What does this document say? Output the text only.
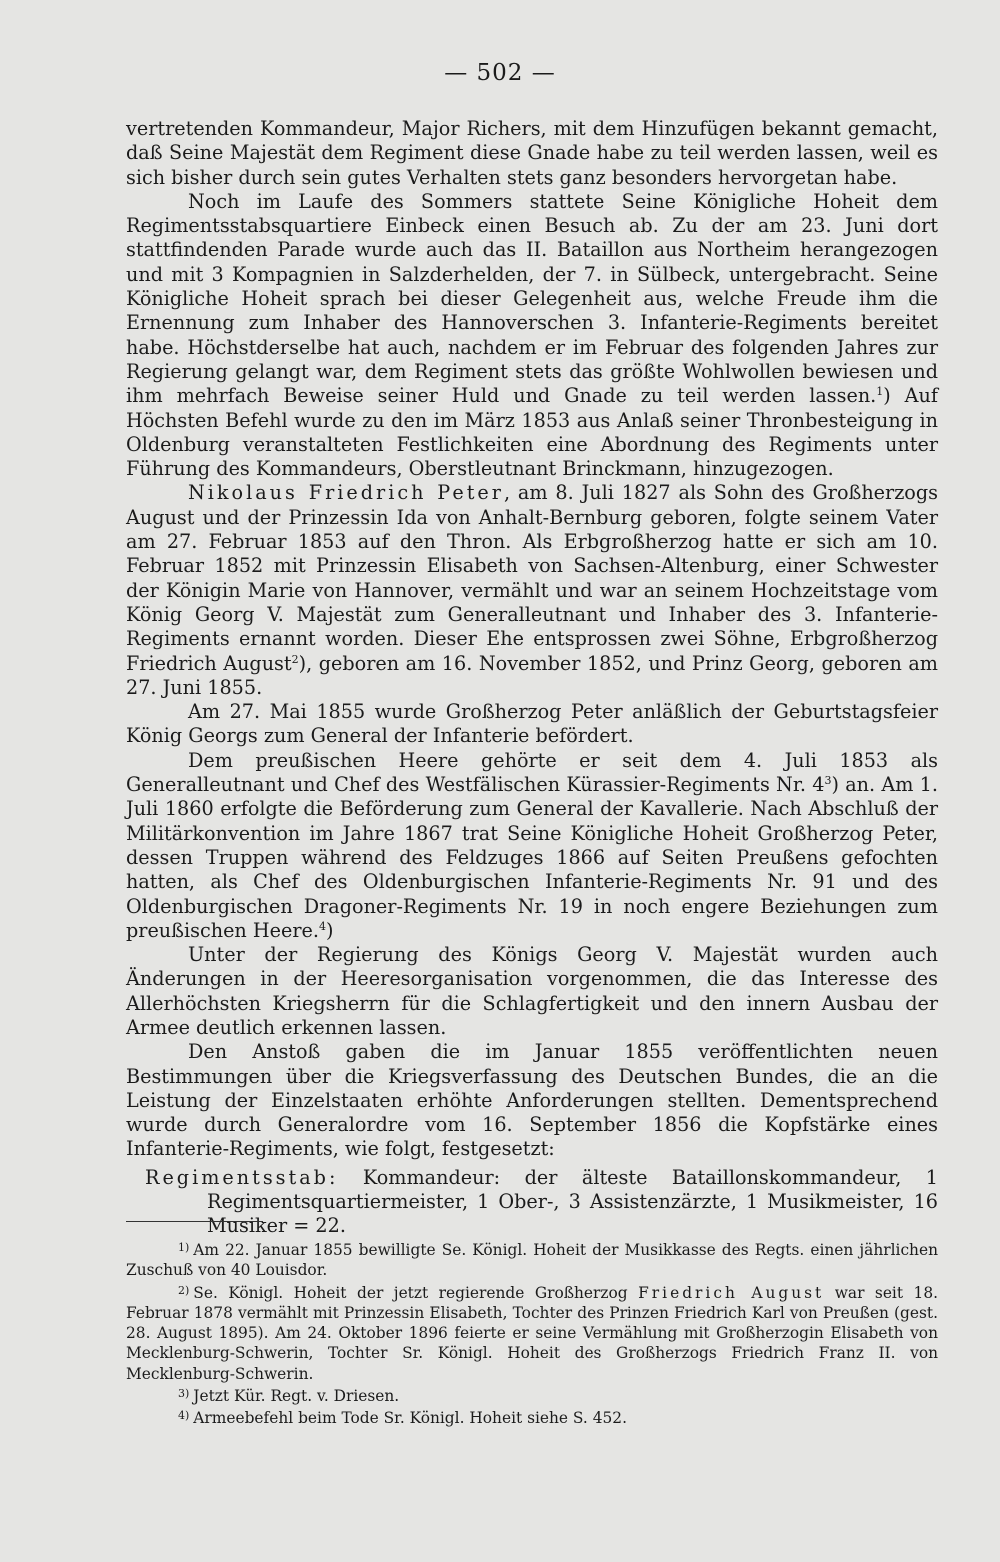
— 502 —

vertretenden Kommandeur, Major Richers, mit dem Hinzufügen bekannt gemacht, daß Seine Majestät dem Regiment diese Gnade habe zu teil werden lassen, weil es sich bisher durch sein gutes Verhalten stets ganz besonders hervorgetan habe.

Noch im Laufe des Sommers stattete Seine Königliche Hoheit dem Regimentsstabsquartiere Einbeck einen Besuch ab. Zu der am 23. Juni dort stattfindenden Parade wurde auch das II. Bataillon aus Northeim herangezogen und mit 3 Kompagnien in Salzderhelden, der 7. in Sülbeck, untergebracht. Seine Königliche Hoheit sprach bei dieser Gelegenheit aus, welche Freude ihm die Ernennung zum Inhaber des Hannoverschen 3. Infanterie-Regiments bereitet habe. Höchstderselbe hat auch, nachdem er im Februar des folgenden Jahres zur Regierung gelangt war, dem Regiment stets das größte Wohlwollen bewiesen und ihm mehrfach Beweise seiner Huld und Gnade zu teil werden lassen.$^1$) Auf Höchsten Befehl wurde zu den im März 1853 aus Anlaß seiner Thronbesteigung in Oldenburg veranstalteten Festlichkeiten eine Abordnung des Regiments unter Führung des Kommandeurs, Oberstleutnant Brinckmann, hinzugezogen.

Nikolaus Friedrich Peter, am 8. Juli 1827 als Sohn des Großherzogs August und der Prinzessin Ida von Anhalt-Bernburg geboren, folgte seinem Vater am 27. Februar 1853 auf den Thron. Als Erbgroßherzog hatte er sich am 10. Februar 1852 mit Prinzessin Elisabeth von Sachsen-Altenburg, einer Schwester der Königin Marie von Hannover, vermählt und war an seinem Hochzeitstage vom König Georg V. Majestät zum Generalleutnant und Inhaber des 3. Infanterie-Regiments ernannt worden. Dieser Ehe entsprossen zwei Söhne, Erbgroßherzog Friedrich August$^2$), geboren am 16. November 1852, und Prinz Georg, geboren am 27. Juni 1855.

Am 27. Mai 1855 wurde Großherzog Peter anläßlich der Geburtstagsfeier König Georgs zum General der Infanterie befördert.

Dem preußischen Heere gehörte er seit dem 4. Juli 1853 als Generalleutnant und Chef des Westfälischen Kürassier-Regiments Nr. $4^3$) an. Am 1. Juli 1860 erfolgte die Beförderung zum General der Kavallerie. Nach Abschluß der Militärkonvention im Jahre 1867 trat Seine Königliche Hoheit Großherzog Peter, dessen Truppen während des Feldzuges 1866 auf Seiten Preußens gefochten hatten, als Chef des Oldenburgischen Infanterie-Regiments Nr. 91 und des Oldenburgischen Dragoner-Regiments Nr. 19 in noch engere Beziehungen zum preußischen Heere.$^4$)

Unter der Regierung des Königs Georg V. Majestät wurden auch Änderungen in der Heeresorganisation vorgenommen, die das Interesse des Allerhöchsten Kriegsherrn für die Schlagfertigkeit und den innern Ausbau der Armee deutlich erkennen lassen.

Den Anstoß gaben die im Januar 1855 veröffentlichten neuen Bestimmungen über die Kriegsverfassung des Deutschen Bundes, die an die Leistung der Einzelstaaten erhöhte Anforderungen stellten. Dementsprechend wurde durch Generalordre vom 16. September 1856 die Kopfstärke eines Infanterie-Regiments, wie folgt, festgesetzt:

Regimentsstab: Kommandeur: der älteste Bataillonskommandeur, 1 Regimentsquartiermeister, 1 Ober-, 3 Assistenzärzte, 1 Musikmeister, 16 Musiker = 22.

$^{1)}$ Am 22. Januar 1855 bewilligte Se. Königl. Hoheit der Musikkasse des Regts. einen jährlichen Zuschuß von 40 Louisdor.

$^{2)}$ Se. Königl. Hoheit der jetzt regierende Großherzog Friedrich August war seit 18. Februar 1878 vermählt mit Prinzessin Elisabeth, Tochter des Prinzen Friedrich Karl von Preußen (gest. 28. August 1895). Am 24. Oktober 1896 feierte er seine Vermählung mit Großherzogin Elisabeth von Mecklenburg-Schwerin, Tochter Sr. Königl. Hoheit des Großherzogs Friedrich Franz II. von Mecklenburg-Schwerin.

$^{3)}$ Jetzt Kür. Regt. v. Driesen.

$^{4)}$ Armeebefehl beim Tode Sr. Königl. Hoheit siehe S. 452.
